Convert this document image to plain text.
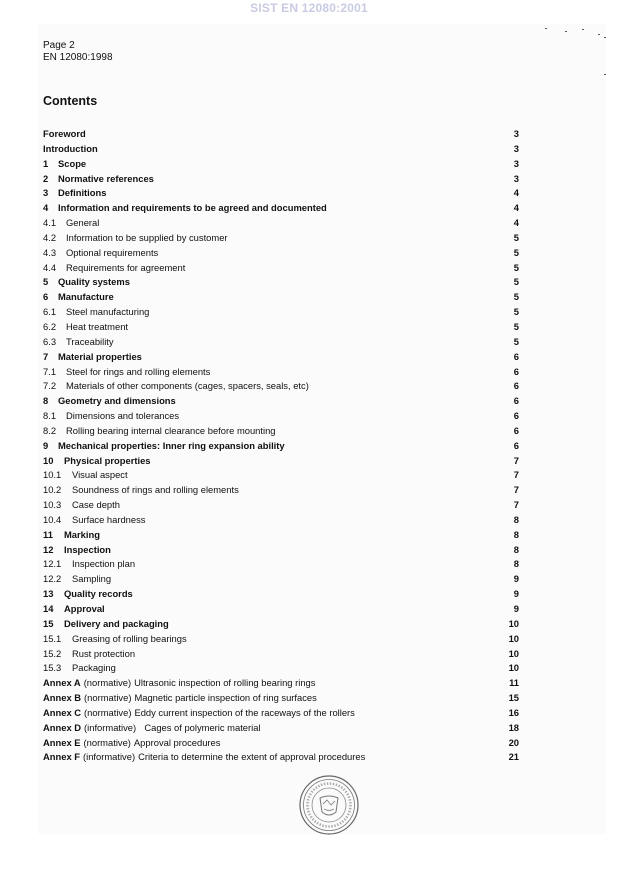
SIST EN 12080:2001
Page 2
EN 12080:1998
Contents
Foreword	3
Introduction	3
1 Scope	3
2 Normative references	3
3 Definitions	4
4 Information and requirements to be agreed and documented	4
4.1 General	4
4.2 Information to be supplied by customer	5
4.3 Optional requirements	5
4.4 Requirements for agreement	5
5 Quality systems	5
6 Manufacture	5
6.1 Steel manufacturing	5
6.2 Heat treatment	5
6.3 Traceability	5
7 Material properties	6
7.1 Steel for rings and rolling elements	6
7.2 Materials of other components (cages, spacers, seals, etc)	6
8 Geometry and dimensions	6
8.1 Dimensions and tolerances	6
8.2 Rolling bearing internal clearance before mounting	6
9 Mechanical properties: Inner ring expansion ability	6
10 Physical properties	7
10.1 Visual aspect	7
10.2 Soundness of rings and rolling elements	7
10.3 Case depth	7
10.4 Surface hardness	8
11 Marking	8
12 Inspection	8
12.1 Inspection plan	8
12.2 Sampling	9
13 Quality records	9
14 Approval	9
15 Delivery and packaging	10
15.1 Greasing of rolling bearings	10
15.2 Rust protection	10
15.3 Packaging	10
Annex A (normative) Ultrasonic inspection of rolling bearing rings	11
Annex B (normative) Magnetic particle inspection of ring surfaces	15
Annex C (normative) Eddy current inspection of the raceways of the rollers	16
Annex D (informative)  Cages of polymeric material	18
Annex E (normative) Approval procedures	20
Annex F (informative) Criteria to determine the extent of approval procedures	21
